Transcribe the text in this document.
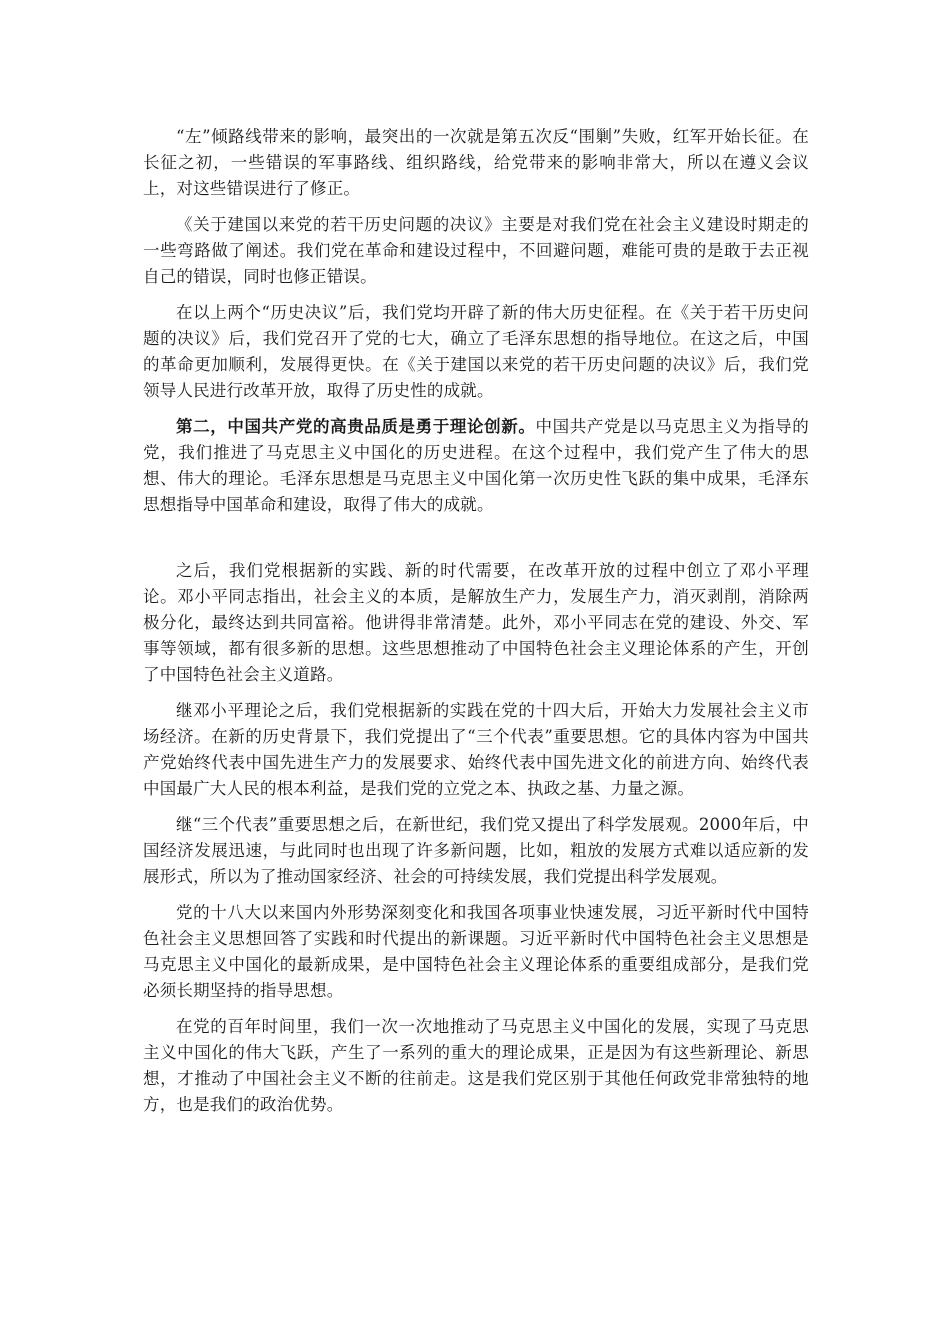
“左”倾路线带来的影响，最突出的一次就是第五次反“围剿”失败，红军开始长征。在长征之初，一些错误的军事路线、组织路线，给党带来的影响非常大，所以在遵义会议上，对这些错误进行了修正。

《关于建国以来党的若干历史问题的决议》主要是对我们党在社会主义建设时期走的一些弯路做了阐述。我们党在革命和建设过程中，不回避问题，难能可贵的是敢于去正视自己的错误，同时也修正错误。

在以上两个“历史决议”后，我们党均开辟了新的伟大历史征程。在《关于若干历史问题的决议》后，我们党召开了党的七大，确立了毛泽东思想的指导地位。在这之后，中国的革命更加顺利，发展得更快。在《关于建国以来党的若干历史问题的决议》后，我们党领导人民进行改革开放，取得了历史性的成就。

第二，中国共产党的高贵品质是勇于理论创新。中国共产党是以马克思主义为指导的党，我们推进了马克思主义中国化的历史进程。在这个过程中，我们党产生了伟大的思想、伟大的理论。毛泽东思想是马克思主义中国化第一次历史性飞跃的集中成果，毛泽东思想指导中国革命和建设，取得了伟大的成就。

之后，我们党根据新的实践、新的时代需要，在改革开放的过程中创立了邓小平理论。邓小平同志指出，社会主义的本质，是解放生产力，发展生产力，消灭剥削，消除两极分化，最终达到共同富裕。他讲得非常清楚。此外，邓小平同志在党的建设、外交、军事等领域，都有很多新的思想。这些思想推动了中国特色社会主义理论体系的产生，开创了中国特色社会主义道路。

继邓小平理论之后，我们党根据新的实践在党的十四大后，开始大力发展社会主义市场经济。在新的历史背景下，我们党提出了“三个代表”重要思想。它的具体内容为中国共产党始终代表中国先进生产力的发展要求、始终代表中国先进文化的前进方向、始终代表中国最广大人民的根本利益，是我们党的立党之本、执政之基、力量之源。

继“三个代表”重要思想之后，在新世纪，我们党又提出了科学发展观。2000年后，中国经济发展迅速，与此同时也出现了许多新问题，比如，粗放的发展方式难以适应新的发展形式，所以为了推动国家经济、社会的可持续发展，我们党提出科学发展观。

党的十八大以来国内外形势深刻变化和我国各项事业快速发展，习近平新时代中国特色社会主义思想回答了实践和时代提出的新课题。习近平新时代中国特色社会主义思想是马克思主义中国化的最新成果，是中国特色社会主义理论体系的重要组成部分，是我们党必须长期坚持的指导思想。

在党的百年时间里，我们一次一次地推动了马克思主义中国化的发展，实现了马克思主义中国化的伟大飞跃，产生了一系列的重大的理论成果，正是因为有这些新理论、新思想，才推动了中国社会主义不断的往前走。这是我们党区别于其他任何政党非常独特的地方，也是我们的政治优势。
